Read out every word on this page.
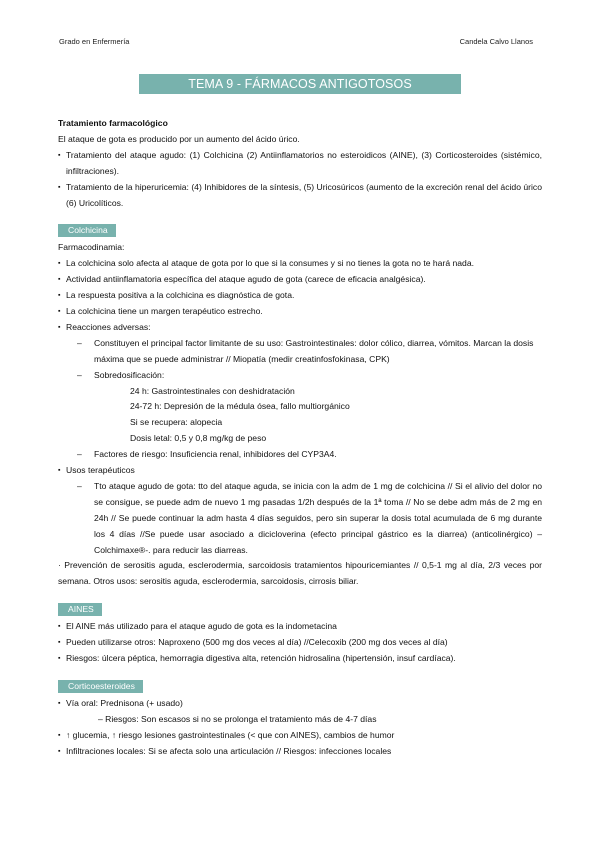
Grado en Enfermería	Candela Calvo Llanos
TEMA 9 - FÁRMACOS ANTIGOTOSOS (HIPOURICEMIANTES)

Tratamiento farmacológico

El ataque de gota es producido por un aumento del ácido úrico.

▪ Tratamiento del ataque agudo: (1) Colchicina (2) Antiinflamatorios no esteroidicos (AINE), (3) Corticosteroides (sistémico, infiltraciones).

▪ Tratamiento de la hiperuricemia: (4) Inhibidores de la síntesis, (5) Uricosúricos (aumento de la excreción renal del ácido úrico (6) Uricolíticos.

Colchicina

Farmacodinamia:

▪ La colchicina solo afecta al ataque de gota por lo que si la consumes y si no tienes la gota no te hará nada.

▪ Actividad antiinflamatoria específica del ataque agudo de gota (carece de eficacia analgésica).

▪ La respuesta positiva a la colchicina es diagnóstica de gota.

▪ La colchicina tiene un margen terapéutico estrecho.

▪ Reacciones adversas:

– Constituyen el principal factor limitante de su uso: Gastrointestinales: dolor cólico, diarrea, vómitos. Marcan la dosis máxima que se puede administrar // Miopatía (medir creatinfosfokinasa, CPK)

– Sobredosificación:

24 h: Gastrointestinales con deshidratación

24-72 h: Depresión de la médula ósea, fallo multiorgánico

Si se recupera: alopecia

Dosis letal: 0,5 y 0,8 mg/kg de peso

– Factores de riesgo: Insuficiencia renal, inhibidores del CYP3A4.

▪ Usos terapéuticos

– Tto ataque agudo de gota: tto del ataque aguda, se inicia con la adm de 1 mg de colchicina // Si el alivio del dolor no se consigue, se puede adm de nuevo 1 mg pasadas 1/2h después de la 1ª toma // No se debe adm más de 2 mg en 24h // Se puede continuar la adm hasta 4 días seguidos, pero sin superar la dosis total acumulada de 6 mg durante los 4 días //Se puede usar asociado a dicicloverina (efecto principal gástrico es la diarrea) (anticolinérgico) – Colchimaxe®-. para reducir las diarreas.

· Prevención de serositis aguda, esclerodermia, sarcoidosis tratamientos hipouricemiantes // 0,5-1 mg al día, 2/3 veces por semana. Otros usos: serositis aguda, esclerodermia, sarcoidosis, cirrosis biliar.

AINES

▪ El AINE más utilizado para el ataque agudo de gota es la indometacina

▪ Pueden utilizarse otros: Naproxeno (500 mg dos veces al día) //Celecoxib (200 mg dos veces al día)

▪ Riesgos: úlcera péptica, hemorragia digestiva alta, retención hidrosalina (hipertensión, insuf cardíaca).

Corticoesteroides

▪ Vía oral: Prednisona (+ usado)

– Riesgos: Son escasos si no se prolonga el tratamiento más de 4-7 días

▪ ↑ glucemia, ↑ riesgo lesiones gastrointestinales (< que con AINES), cambios de humor

▪ Infiltraciones locales: Si se afecta solo una articulación // Riesgos: infecciones locales
